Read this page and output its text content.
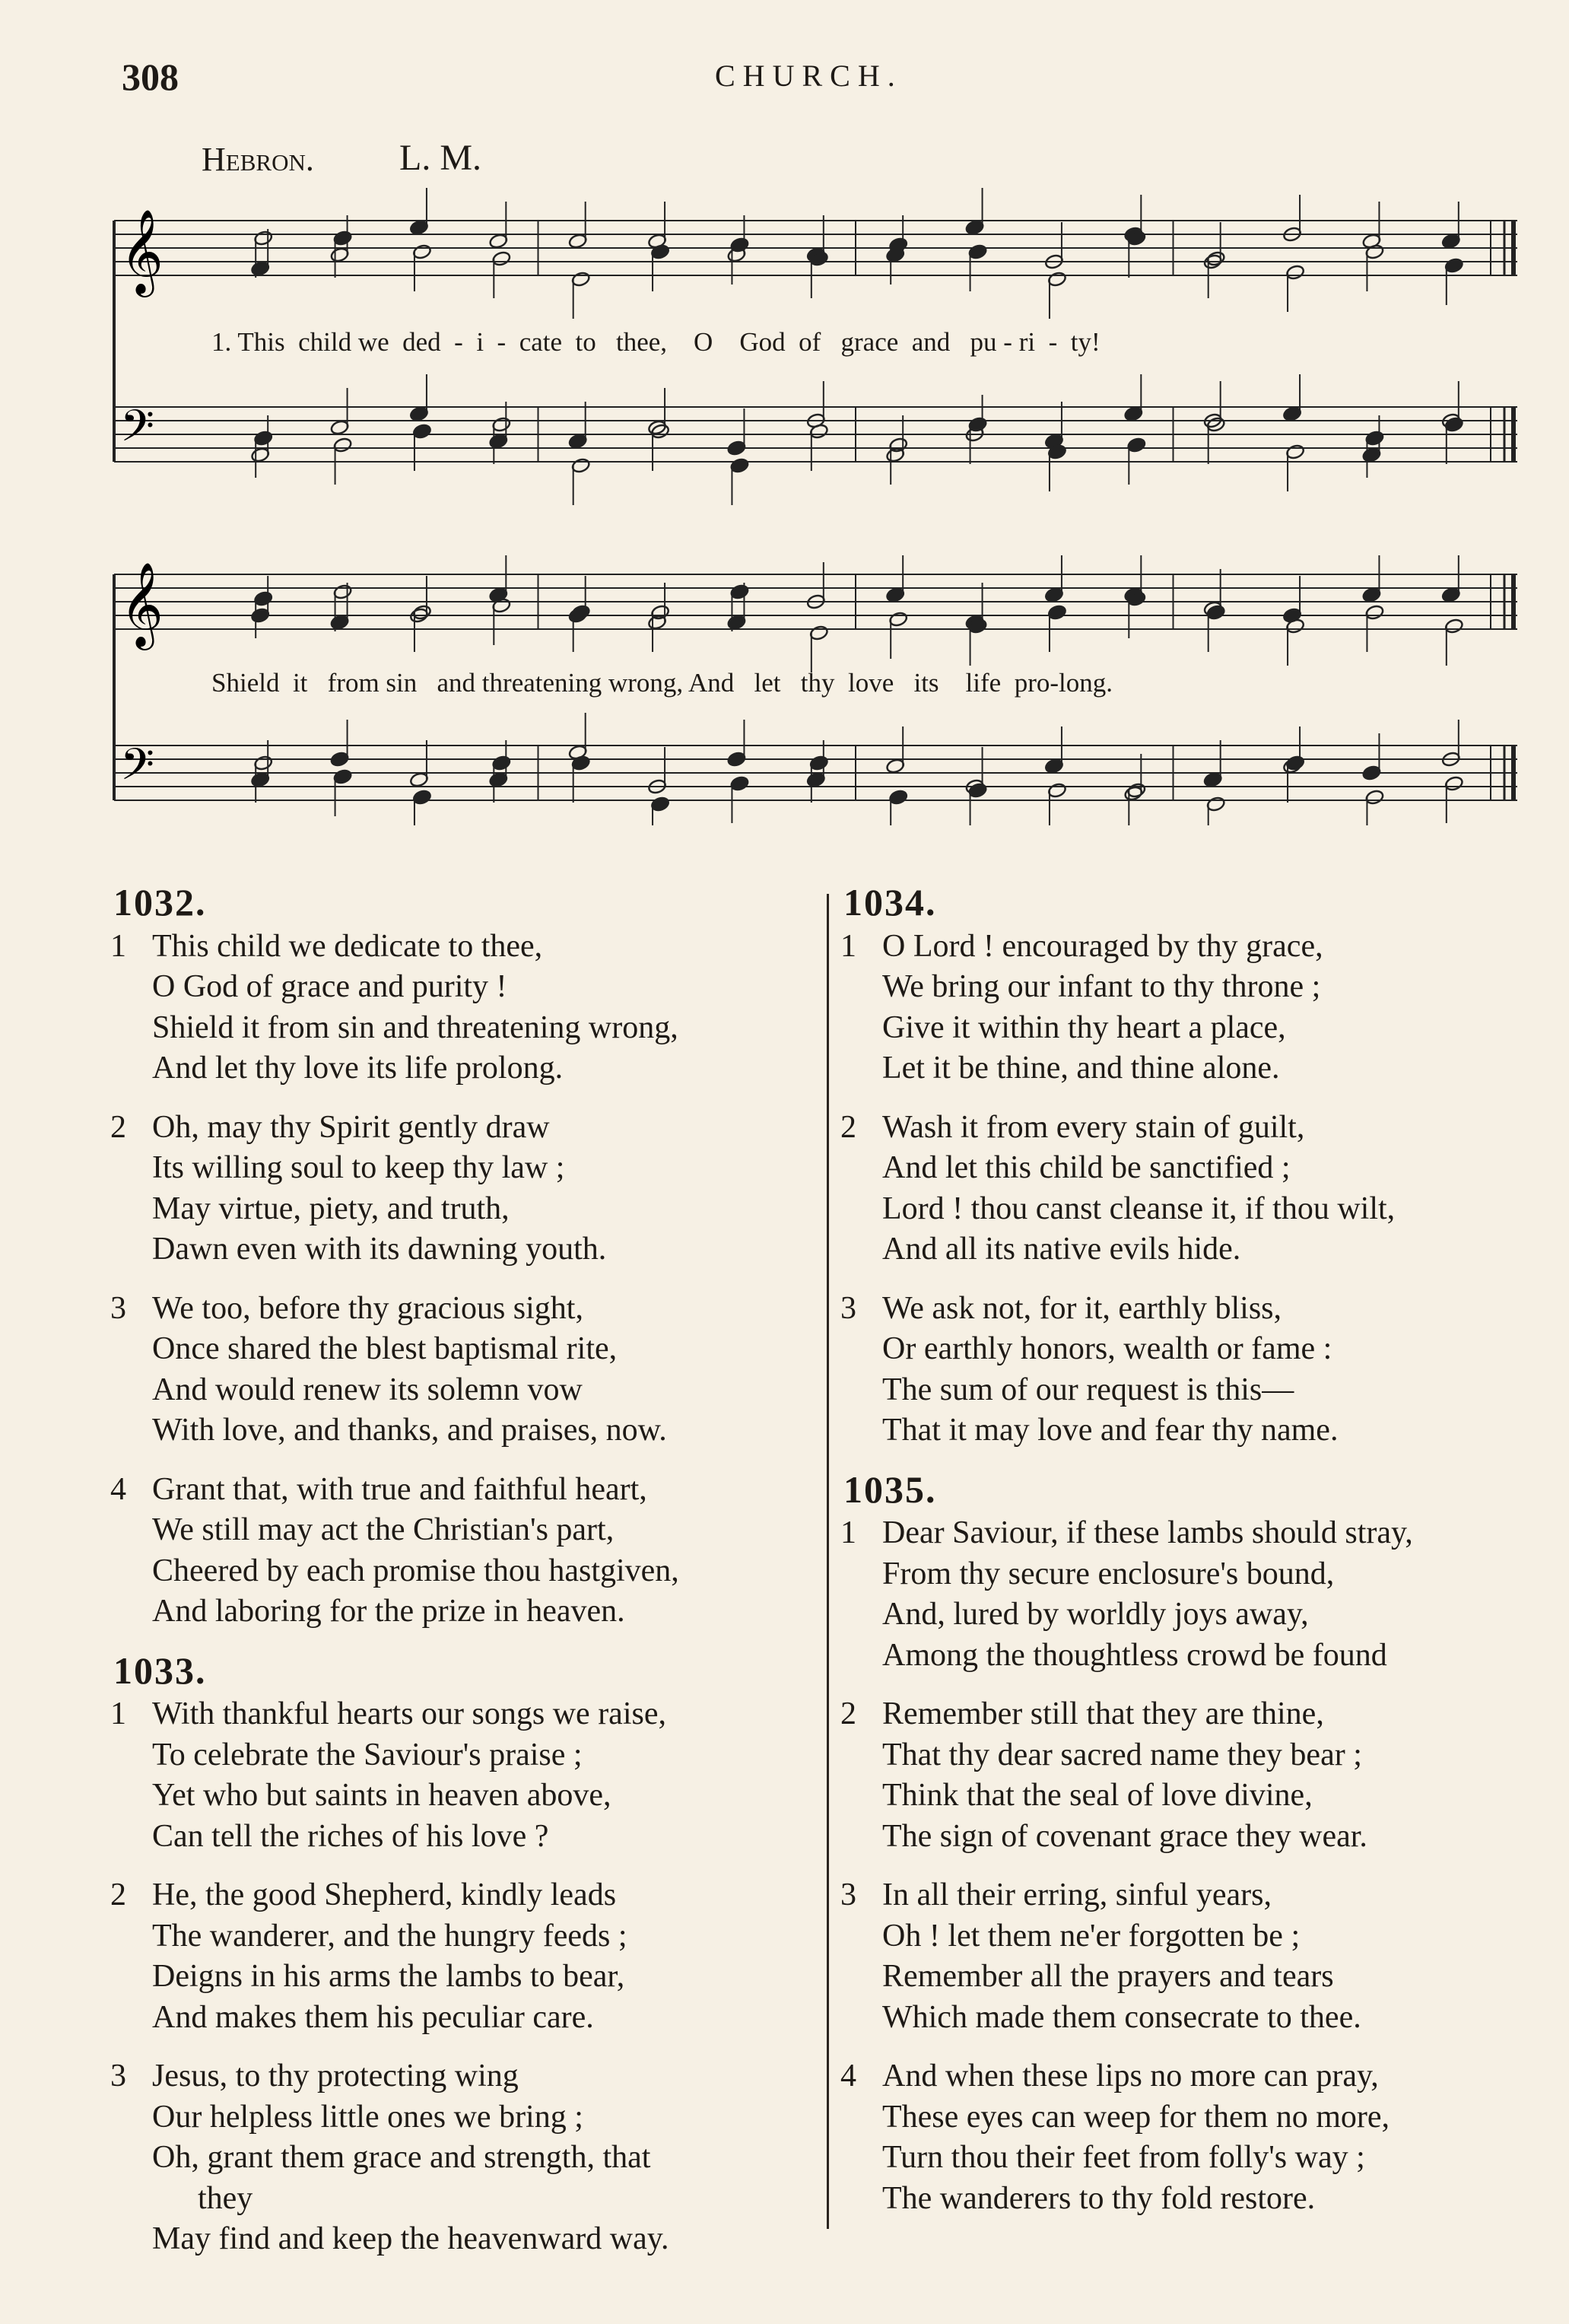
308	CHURCH.
Hebron. L. M.
𝄞
𝄢
1. This  child we  ded  -  i  -  cate  to   thee,    O    God  of   grace  and   pu - ri  -  ty!
𝄞
𝄢
Shield  it   from sin   and threatening wrong, And   let   thy  love   its    life  pro-long.
1032.
1 This child we dedicate to thee,
O God of grace and purity !
Shield it from sin and threatening wrong,
And let thy love its life prolong.
2 Oh, may thy Spirit gently draw
Its willing soul to keep thy law ;
May virtue, piety, and truth,
Dawn even with its dawning youth.
3 We too, before thy gracious sight,
Once shared the blest baptismal rite,
And would renew its solemn vow
With love, and thanks, and praises, now.
4 Grant that, with true and faithful heart,
We still may act the Christian's part,
Cheered by each promise thou hastgiven,
And laboring for the prize in heaven.
1033.
1 With thankful hearts our songs we raise,
To celebrate the Saviour's praise ;
Yet who but saints in heaven above,
Can tell the riches of his love ?
2 He, the good Shepherd, kindly leads
The wanderer, and the hungry feeds ;
Deigns in his arms the lambs to bear,
And makes them his peculiar care.
3 Jesus, to thy protecting wing
Our helpless little ones we bring ;
Oh, grant them grace and strength, that
they
May find and keep the heavenward way.
1034.
1 O Lord ! encouraged by thy grace,
We bring our infant to thy throne ;
Give it within thy heart a place,
Let it be thine, and thine alone.
2 Wash it from every stain of guilt,
And let this child be sanctified ;
Lord ! thou canst cleanse it, if thou wilt,
And all its native evils hide.
3 We ask not, for it, earthly bliss,
Or earthly honors, wealth or fame :
The sum of our request is this—
That it may love and fear thy name.
1035.
1 Dear Saviour, if these lambs should stray,
From thy secure enclosure's bound,
And, lured by worldly joys away,
Among the thoughtless crowd be found
2 Remember still that they are thine,
That thy dear sacred name they bear ;
Think that the seal of love divine,
The sign of covenant grace they wear.
3 In all their erring, sinful years,
Oh ! let them ne'er forgotten be ;
Remember all the prayers and tears
Which made them consecrate to thee.
4 And when these lips no more can pray,
These eyes can weep for them no more,
Turn thou their feet from folly's way ;
The wanderers to thy fold restore.
